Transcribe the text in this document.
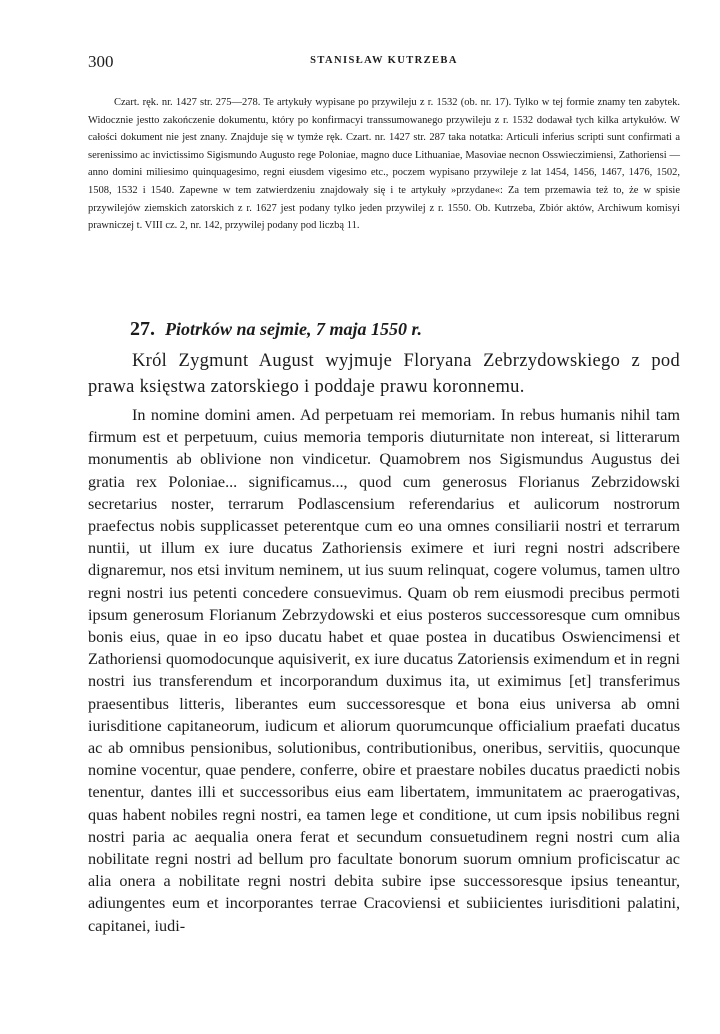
300	STANISŁAW KUTRZEBA

Czart. ręk. nr. 1427 str. 275—278. Te artykuły wypisane po przywileju z r. 1532 (ob. nr. 17). Tylko w tej formie znamy ten zabytek. Widocznie jestto zakończenie dokumentu, który po konfirmacyi transsumowanego przywileju z r. 1532 dodawał tych kilka artykułów. W całości dokument nie jest znany. Znajduje się w tymże ręk. Czart. nr. 1427 str. 287 taka notatka: Articuli inferius scripti sunt confirmati a serenissimo ac invictissimo Sigismundo Augusto rege Poloniae, magno duce Lithuaniae, Masoviae necnon Osswieczimiensi, Zathoriensi — anno domini miliesimo quinquagesimo, regni eiusdem vigesimo etc., poczem wypisano przywileje z lat 1454, 1456, 1467, 1476, 1502, 1508, 1532 i 1540. Zapewne w tem zatwierdzeniu znajdowały się i te artykuły »przydane«: Za tem przemawia też to, że w spisie przywilejów ziemskich zatorskich z r. 1627 jest podany tylko jeden przywilej z r. 1550. Ob. Kutrzeba, Zbiór aktów, Archiwum komisyi prawniczej t. VIII cz. 2, nr. 142, przywilej podany pod liczbą 11.

27. Piotrków na sejmie, 7 maja 1550 r.

Król Zygmunt August wyjmuje Floryana Zebrzydowskiego z pod prawa księstwa zatorskiego i poddaje prawu koronnemu.

In nomine domini amen. Ad perpetuam rei memoriam. In rebus humanis nihil tam firmum est et perpetuum, cuius memoria temporis diuturnitate non intereat, si litterarum monumentis ab oblivione non vindicetur. Quamobrem nos Sigismundus Augustus dei gratia rex Poloniae... significamus..., quod cum generosus Florianus Zebrzidowski secretarius noster, terrarum Podlascensium referendarius et aulicorum nostrorum praefectus nobis supplicasset peterentque cum eo una omnes consiliarii nostri et terrarum nuntii, ut illum ex iure ducatus Zathoriensis eximere et iuri regni nostri adscribere dignaremur, nos etsi invitum neminem, ut ius suum relinquat, cogere volumus, tamen ultro regni nostri ius petenti concedere consuevimus. Quam ob rem eiusmodi precibus permoti ipsum generosum Florianum Zebrzydowski et eius posteros successoresque cum omnibus bonis eius, quae in eo ipso ducatu habet et quae postea in ducatibus Oswiencimensi et Zathoriensi quomodocunque aquisiverit, ex iure ducatus Zatoriensis eximendum et in regni nostri ius transferendum et incorporandum duximus ita, ut eximimus [et] transferimus praesentibus litteris, liberantes eum successoresque et bona eius universa ab omni iurisditione capitaneorum, iudicum et aliorum quorumcunque officialium praefati ducatus ac ab omnibus pensionibus, solutionibus, contributionibus, oneribus, servitiis, quocunque nomine vocentur, quae pendere, conferre, obire et praestare nobiles ducatus praedicti nobis tenentur, dantes illi et successoribus eius eam libertatem, immunitatem ac praerogativas, quas habent nobiles regni nostri, ea tamen lege et conditione, ut cum ipsis nobilibus regni nostri paria ac aequalia onera ferat et secundum consuetudinem regni nostri cum alia nobilitate regni nostri ad bellum pro facultate bonorum suorum omnium proficiscatur ac alia onera a nobilitate regni nostri debita subire ipse successoresque ipsius teneantur, adiungentes eum et incorporantes terrae Cracoviensi et subiicientes iurisditioni palatini, capitanei, iudi-
